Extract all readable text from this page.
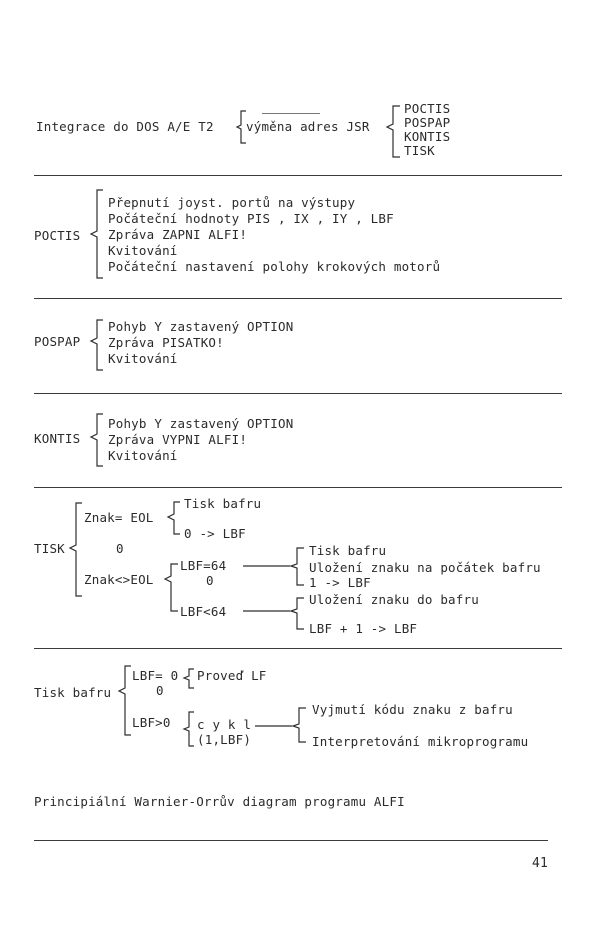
Integrace do DOS A/E T2	výměna adres JSR
POCTIS
POSPAP
KONTIS
TISK
POCTIS
Přepnutí joyst. portů na výstupy
Počáteční hodnoty PIS , IX , IY , LBF
Zpráva ZAPNI ALFI!
Kvitování
Počáteční nastavení polohy krokových motorů
POSPAP
Pohyb Y zastavený OPTION
Zpráva PISATKO!
Kvitování
KONTIS
Pohyb Y zastavený OPTION
Zpráva VYPNI ALFI!
Kvitování
TISK
Znak= EOL
Tisk bafru
0 -> LBF
0
Znak<>EOL
LBF=64
0
Tisk bafru
Uložení znaku na počátek bafru
1 -> LBF
LBF<64
Uložení znaku do bafru
LBF + 1 -> LBF
Tisk bafru
LBF= 0 Proveď LF
0
LBF>0 c y k l
(1,LBF)
Vyjmutí kódu znaku z bafru
Interpretování mikroprogramu
Principiální Warnier-Orrův diagram programu ALFI
41
